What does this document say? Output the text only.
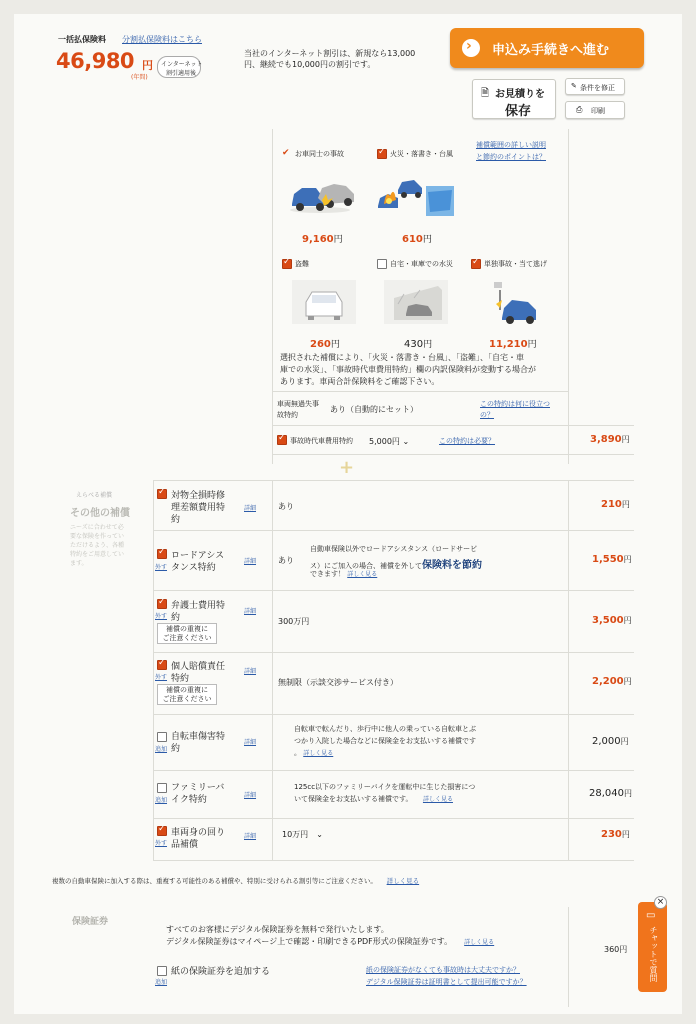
一括払保険料 分割払保険料はこちら
46,980 円
(年間)
インターネット
割引適用後
当社のインターネット割引は、新規なら13,000
円、継続でも10,000円の割引です。
› 申込み手続きへ進む
🗎 お見積りを
保存
✎ 条件を修正
⎙ 印刷
✔ お車同士の事故 ✓	火災・落書き・台風
補償範囲の詳しい説明
と節約のポイントは？
9,160円	610円
✓
盗難	自宅・車庫での水災 ✓	単独事故・当て逃げ
260円	430円	11,210円
選択された補償により、「火災・落書き・台風」、「盗難」、「自宅・車
庫での水災」、「事故時代車費用特約」欄の内訳保険料が変動する場合が
あります。車両合計保険料をご確認下さい。
車両無過失事
故特約
あり（自動的にセット）
この特約は何に役立つ
の？
✓
事故時代車費用特約 5,000円 ⌄	この特約は必要？	3,890円
+
えらべる補償
その他の補償
ニーズに合わせて必
要な保険を作ってい
ただけるよう、各種
特約をご用意してい
ます。
✓
対物全損時修
理差額費用特
約
詳細	あり	210円
✓
外す
ロードアシス
タンス特約
詳細	あり
自動車保険以外でロードアシスタンス（ロードサービ
ス）にご加入の場合、補償を外して保険料を節約
できます！ 詳しく見る
1,550円
✓
外す
弁護士費用特
約
補償の重複に
ご注意ください
詳細
300万円	3,500円
✓
外す
個人賠償責任
特約
補償の重複に
ご注意ください
詳細
無制限（示談交渉サービス付き）	2,200円
追加
自転車傷害特
約
詳細
自転車で転んだり、歩行中に他人の乗っている自転車とぶ
つかり入院した場合などに保険金をお支払いする補償です
。 詳しく見る
2,000円
追加
ファミリーバ
イク特約	詳細
125cc以下のファミリーバイクを運転中に生じた損害につ
いて保険金をお支払いする補償です。　　 詳しく見る
28,040円
✓
外す
車両身の回り
品補償
詳細	10万円　 ⌄	230円
複数の自動車保険に加入する際は、重複する可能性のある補償や、特別に受けられる割引等にご注意ください。　　 詳しく見る
保険証券
すべてのお客様にデジタル保険証券を無料で発行いたします。
デジタル保険証券はマイページ上で確認・印刷できるPDF形式の保険証券です。　　	詳しく見る
360円
追加
紙の保険証券を追加する	紙の保険証券がなくても事故時は大丈夫ですか？
デジタル保険証券は証明書として提出可能ですか？
▭
チャットで質問
×
